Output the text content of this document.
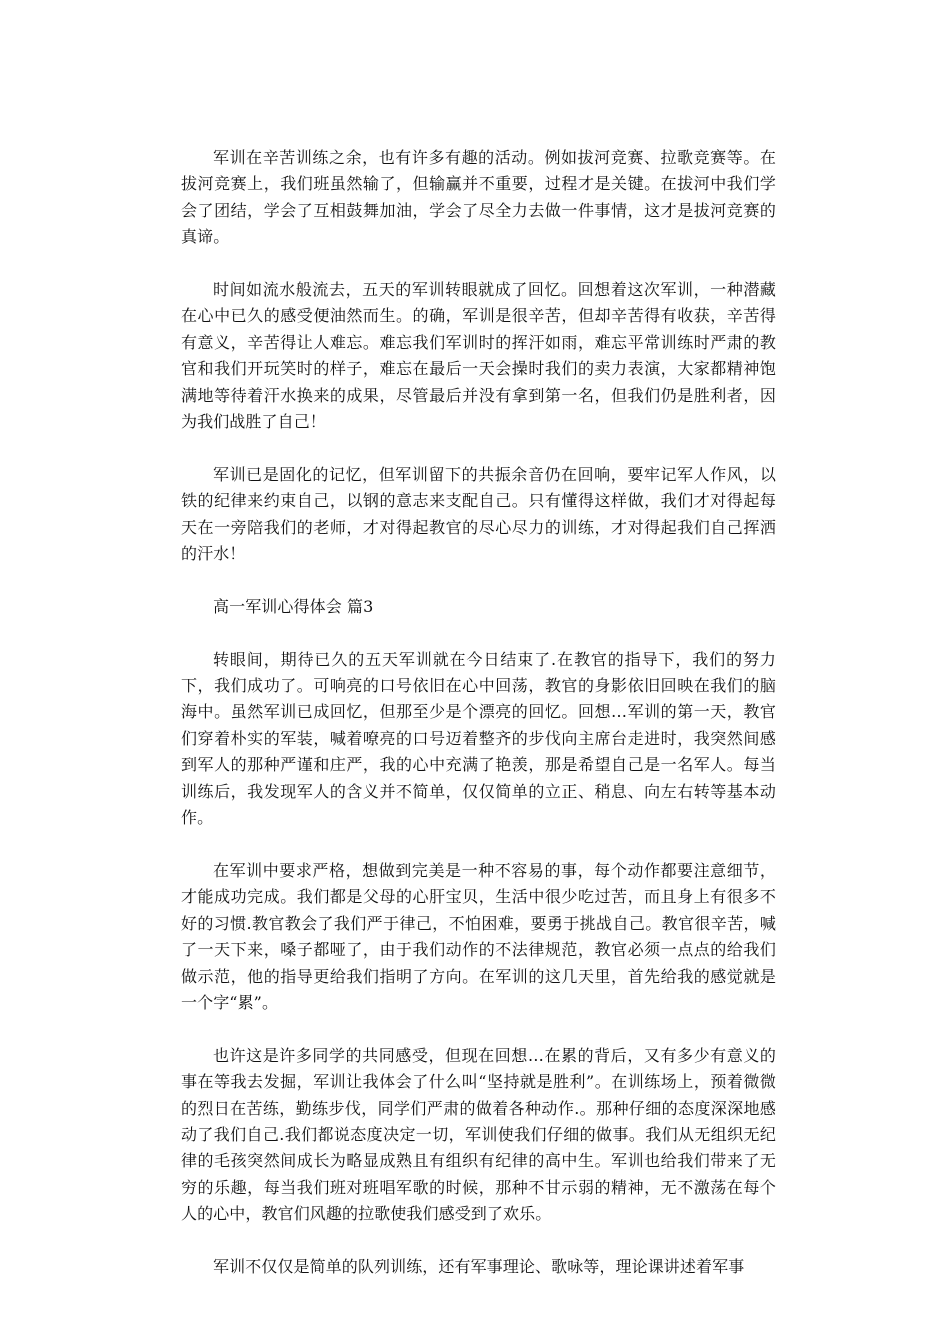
军训在辛苦训练之余，也有许多有趣的活动。例如拔河竞赛、拉歌竞赛等。在拔河竞赛上，我们班虽然输了，但输赢并不重要，过程才是关键。在拔河中我们学会了团结，学会了互相鼓舞加油，学会了尽全力去做一件事情，这才是拔河竞赛的真谛。

时间如流水般流去，五天的军训转眼就成了回忆。回想着这次军训，一种潜藏在心中已久的感受便油然而生。的确，军训是很辛苦，但却辛苦得有收获，辛苦得有意义，辛苦得让人难忘。难忘我们军训时的挥汗如雨，难忘平常训练时严肃的教官和我们开玩笑时的样子，难忘在最后一天会操时我们的卖力表演，大家都精神饱满地等待着汗水换来的成果，尽管最后并没有拿到第一名，但我们仍是胜利者，因为我们战胜了自己！

军训已是固化的记忆，但军训留下的共振余音仍在回响，要牢记军人作风，以铁的纪律来约束自己，以钢的意志来支配自己。只有懂得这样做，我们才对得起每天在一旁陪我们的老师，才对得起教官的尽心尽力的训练，才对得起我们自己挥洒的汗水！

高一军训心得体会 篇3

转眼间，期待已久的五天军训就在今日结束了.在教官的指导下，我们的努力下，我们成功了。可响亮的口号依旧在心中回荡，教官的身影依旧回映在我们的脑海中。虽然军训已成回忆，但那至少是个漂亮的回忆。回想…军训的第一天，教官们穿着朴实的军装，喊着嘹亮的口号迈着整齐的步伐向主席台走进时，我突然间感到军人的那种严谨和庄严，我的心中充满了艳羡，那是希望自己是一名军人。每当训练后，我发现军人的含义并不简单，仅仅简单的立正、稍息、向左右转等基本动作。

在军训中要求严格，想做到完美是一种不容易的事，每个动作都要注意细节，才能成功完成。我们都是父母的心肝宝贝，生活中很少吃过苦，而且身上有很多不好的习惯.教官教会了我们严于律己，不怕困难，要勇于挑战自己。教官很辛苦，喊了一天下来，嗓子都哑了，由于我们动作的不法律规范，教官必须一点点的给我们做示范，他的指导更给我们指明了方向。在军训的这几天里，首先给我的感觉就是一个字“累”。

也许这是许多同学的共同感受，但现在回想…在累的背后，又有多少有意义的事在等我去发掘，军训让我体会了什么叫“坚持就是胜利”。在训练场上，预着微微的烈日在苦练，勤练步伐，同学们严肃的做着各种动作.。那种仔细的态度深深地感动了我们自己.我们都说态度决定一切，军训使我们仔细的做事。我们从无组织无纪律的毛孩突然间成长为略显成熟且有组织有纪律的高中生。军训也给我们带来了无穷的乐趣，每当我们班对班唱军歌的时候，那种不甘示弱的精神，无不激荡在每个人的心中，教官们风趣的拉歌使我们感受到了欢乐。

军训不仅仅是简单的队列训练，还有军事理论、歌咏等，理论课讲述着军事
